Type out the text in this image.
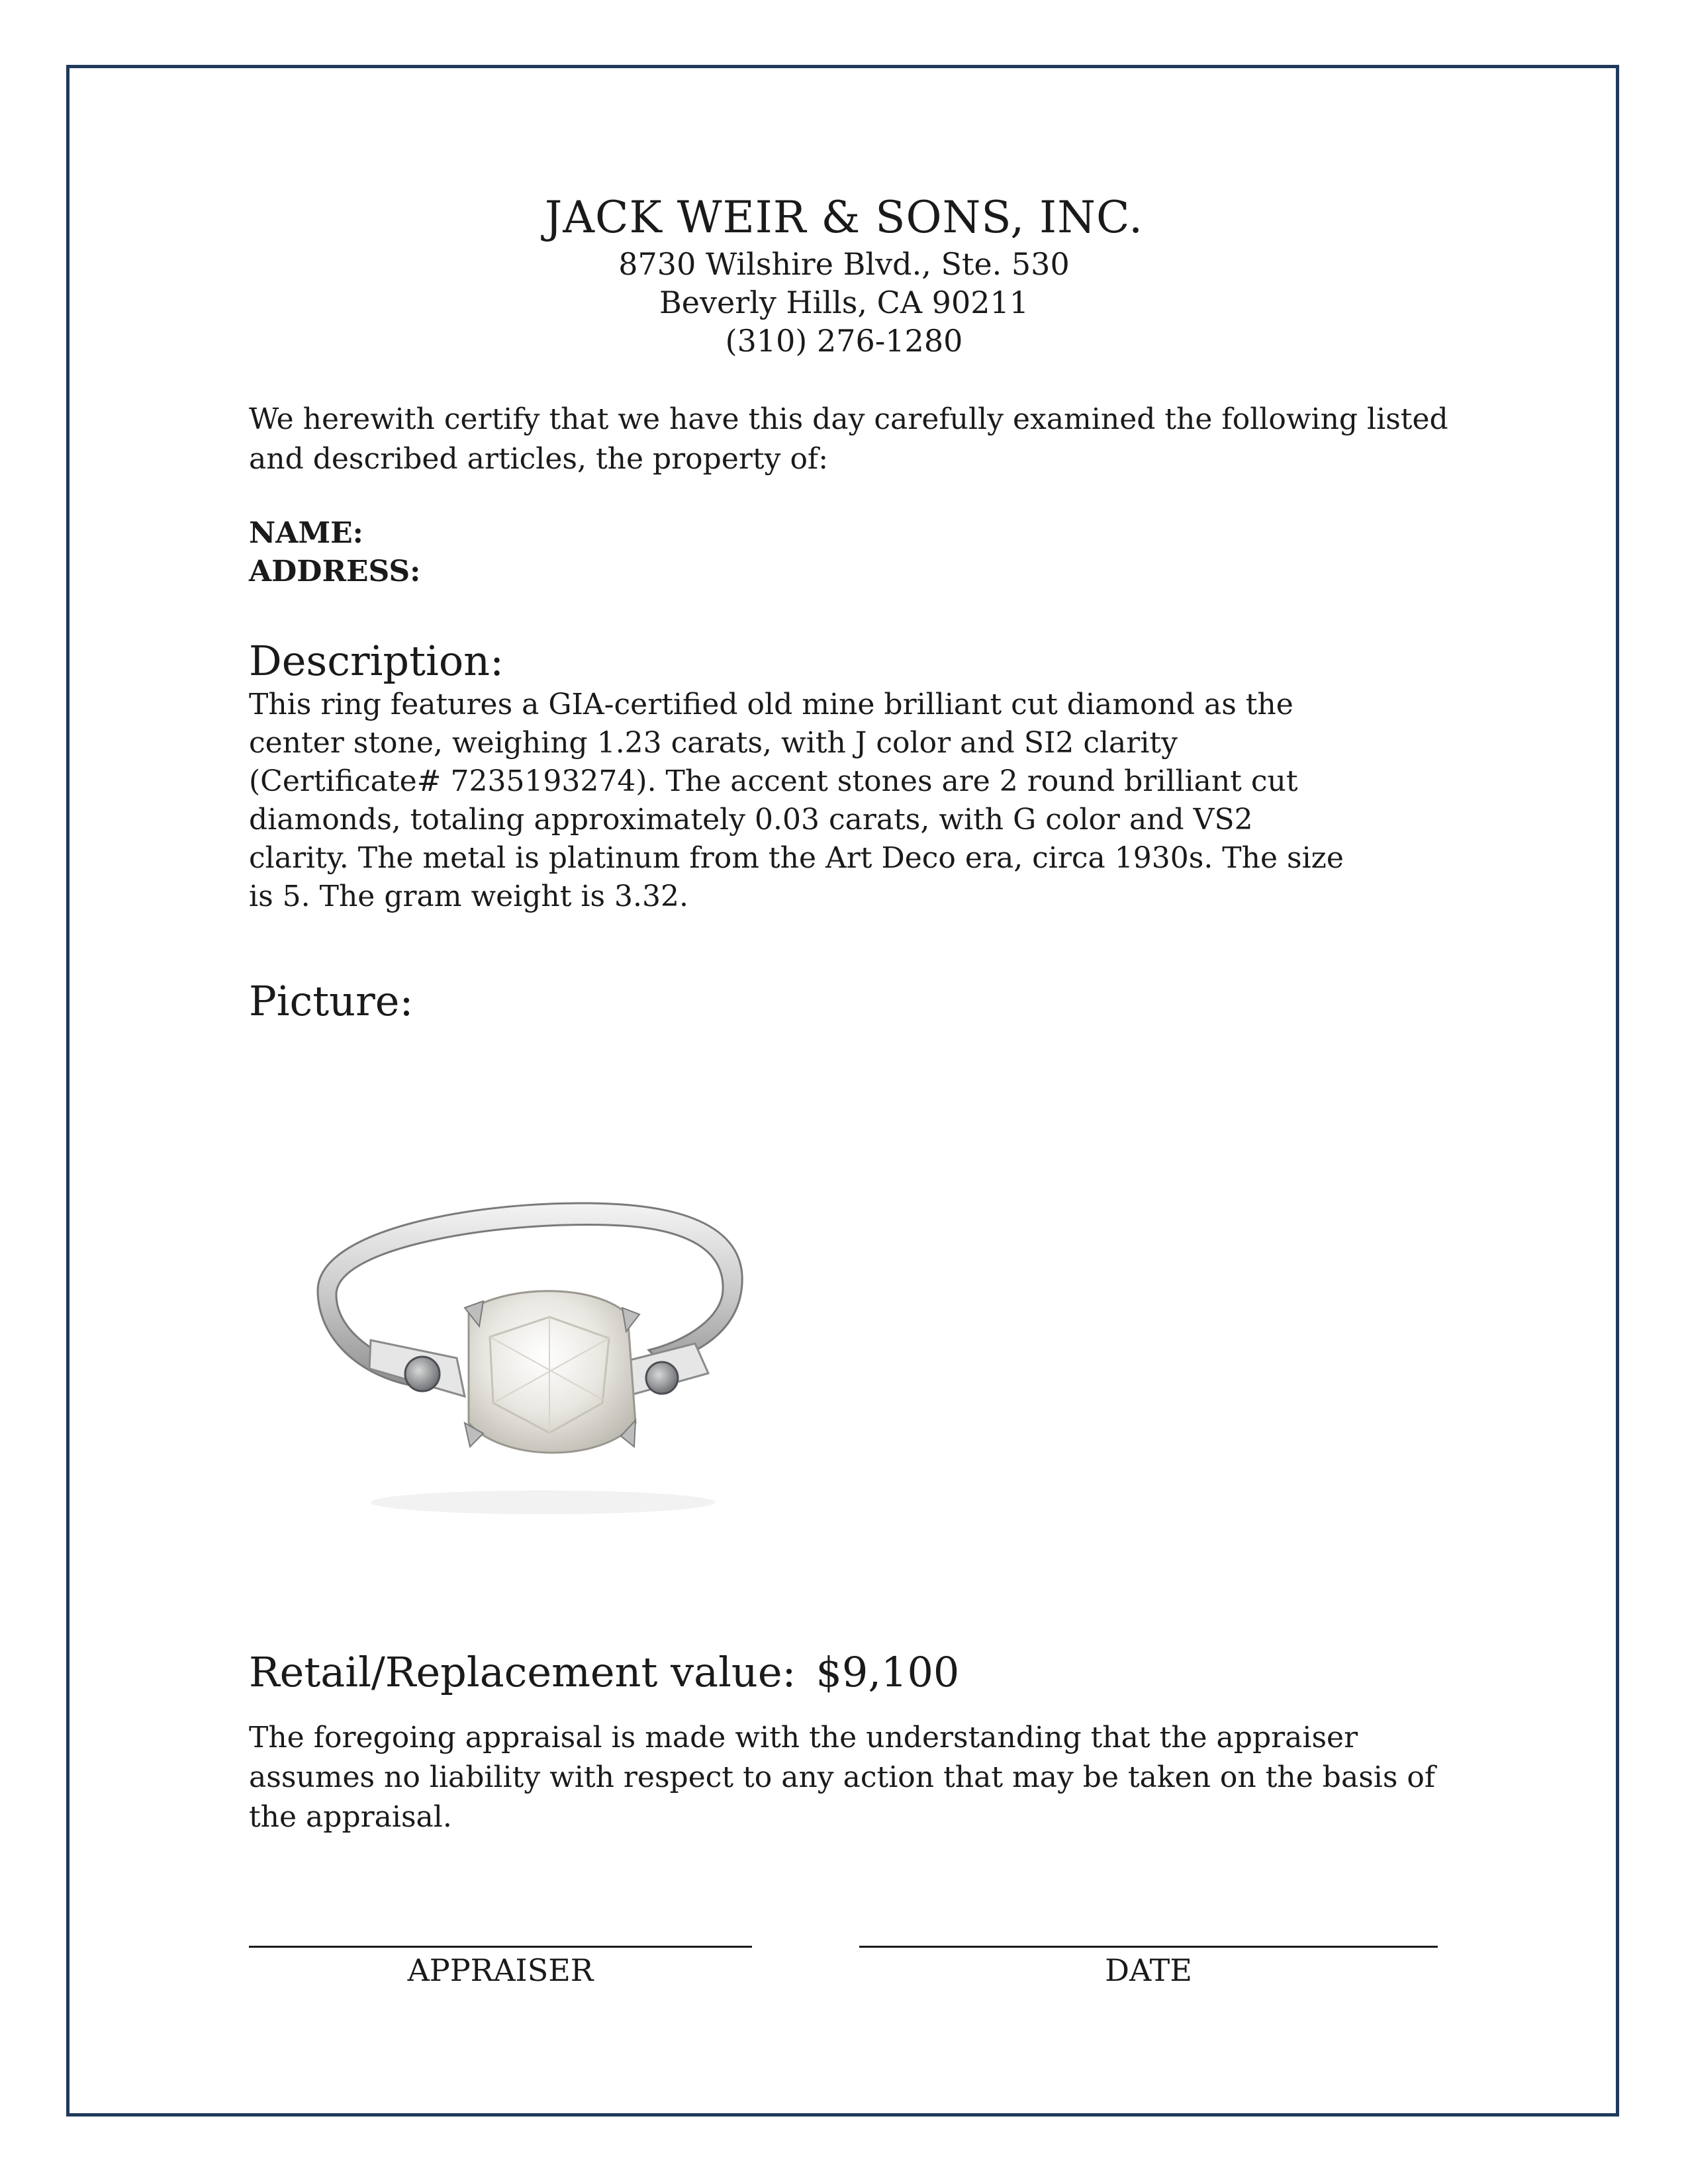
JACK WEIR & SONS, INC.
8730 Wilshire Blvd., Ste. 530
Beverly Hills, CA 90211
(310) 276-1280
We herewith certify that we have this day carefully examined the following listed and described articles, the property of:
NAME:
ADDRESS:
Description:
This ring features a GIA-certified old mine brilliant cut diamond as the center stone, weighing 1.23 carats, with J color and SI2 clarity (Certificate# 7235193274). The accent stones are 2 round brilliant cut diamonds, totaling approximately 0.03 carats, with G color and VS2 clarity. The metal is platinum from the Art Deco era, circa 1930s. The size is 5. The gram weight is 3.32.
Picture:
Retail/Replacement value: $9,100
The foregoing appraisal is made with the understanding that the appraiser assumes no liability with respect to any action that may be taken on the basis of the appraisal.
APPRAISER	DATE
